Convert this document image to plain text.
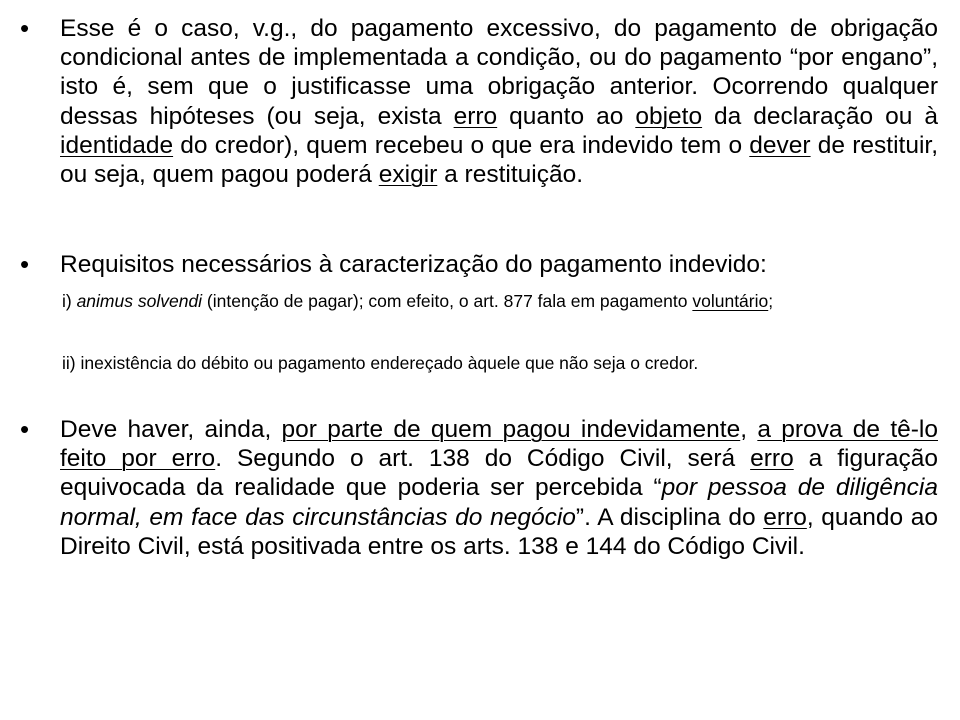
• Esse é o caso, v.g., do pagamento excessivo, do pagamento de obrigação condicional antes de implementada a condição, ou do pagamento “por engano”, isto é, sem que o justificasse uma obrigação anterior. Ocorrendo qualquer dessas hipóteses (ou seja, exista erro quanto ao objeto da declaração ou à identidade do credor), quem recebeu o que era indevido tem o dever de restituir, ou seja, quem pagou poderá exigir a restituição.

• Requisitos necessários à caracterização do pagamento indevido:

i) animus solvendi (intenção de pagar); com efeito, o art. 877 fala em pagamento voluntário;

ii) inexistência do débito ou pagamento endereçado àquele que não seja o credor.

• Deve haver, ainda, por parte de quem pagou indevidamente, a prova de tê-lo feito por erro. Segundo o art. 138 do Código Civil, será erro a figuração equivocada da realidade que poderia ser percebida “por pessoa de diligência normal, em face das circunstâncias do negócio”. A disciplina do erro, quando ao Direito Civil, está positivada entre os arts. 138 e 144 do Código Civil.
